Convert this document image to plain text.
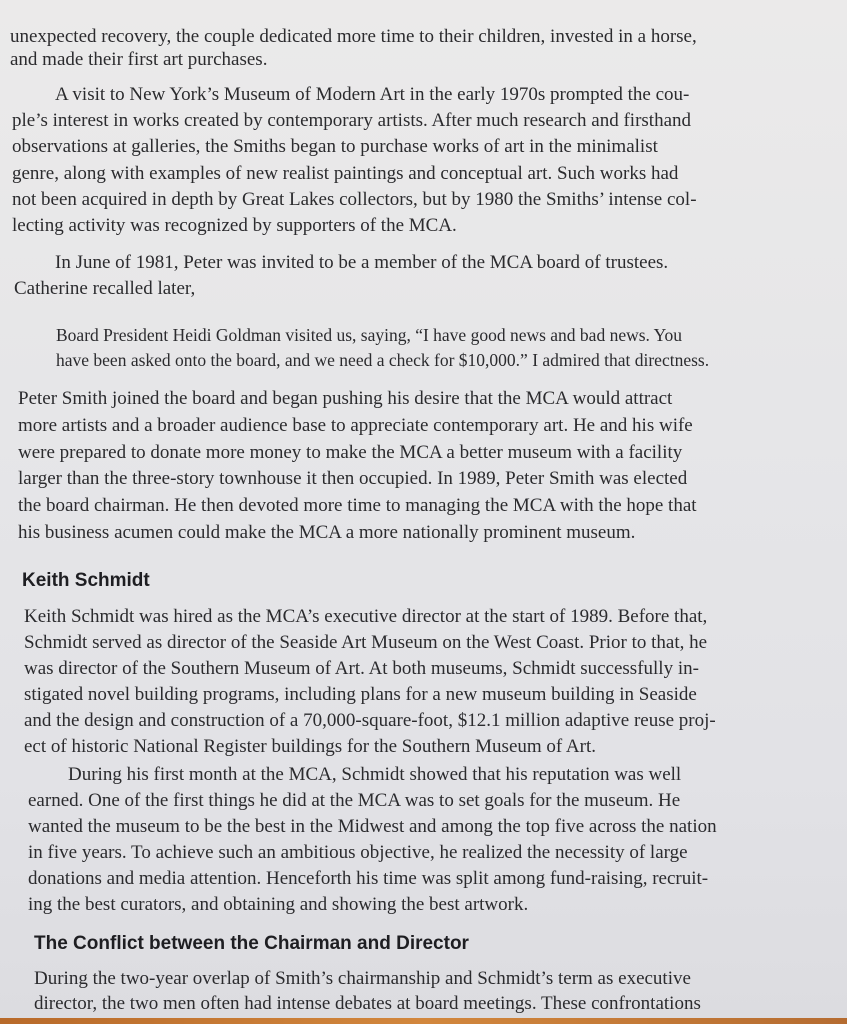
unexpected recovery, the couple dedicated more time to their children, invested in a horse,
and made their first art purchases.
A visit to New York’s Museum of Modern Art in the early 1970s prompted the cou-
ple’s interest in works created by contemporary artists. After much research and firsthand
observations at galleries, the Smiths began to purchase works of art in the minimalist
genre, along with examples of new realist paintings and conceptual art. Such works had
not been acquired in depth by Great Lakes collectors, but by 1980 the Smiths’ intense col-
lecting activity was recognized by supporters of the MCA.
In June of 1981, Peter was invited to be a member of the MCA board of trustees.
Catherine recalled later,
Board President Heidi Goldman visited us, saying, “I have good news and bad news. You
have been asked onto the board, and we need a check for $10,000.” I admired that directness.
Peter Smith joined the board and began pushing his desire that the MCA would attract
more artists and a broader audience base to appreciate contemporary art. He and his wife
were prepared to donate more money to make the MCA a better museum with a facility
larger than the three-story townhouse it then occupied. In 1989, Peter Smith was elected
the board chairman. He then devoted more time to managing the MCA with the hope that
his business acumen could make the MCA a more nationally prominent museum.
Keith Schmidt
Keith Schmidt was hired as the MCA’s executive director at the start of 1989. Before that,
Schmidt served as director of the Seaside Art Museum on the West Coast. Prior to that, he
was director of the Southern Museum of Art. At both museums, Schmidt successfully in-
stigated novel building programs, including plans for a new museum building in Seaside
and the design and construction of a 70,000-square-foot, $12.1 million adaptive reuse proj-
ect of historic National Register buildings for the Southern Museum of Art.
During his first month at the MCA, Schmidt showed that his reputation was well
earned. One of the first things he did at the MCA was to set goals for the museum. He
wanted the museum to be the best in the Midwest and among the top five across the nation
in five years. To achieve such an ambitious objective, he realized the necessity of large
donations and media attention. Henceforth his time was split among fund-raising, recruit-
ing the best curators, and obtaining and showing the best artwork.
The Conflict between the Chairman and Director
During the two-year overlap of Smith’s chairmanship and Schmidt’s term as executive
director, the two men often had intense debates at board meetings. These confrontations
